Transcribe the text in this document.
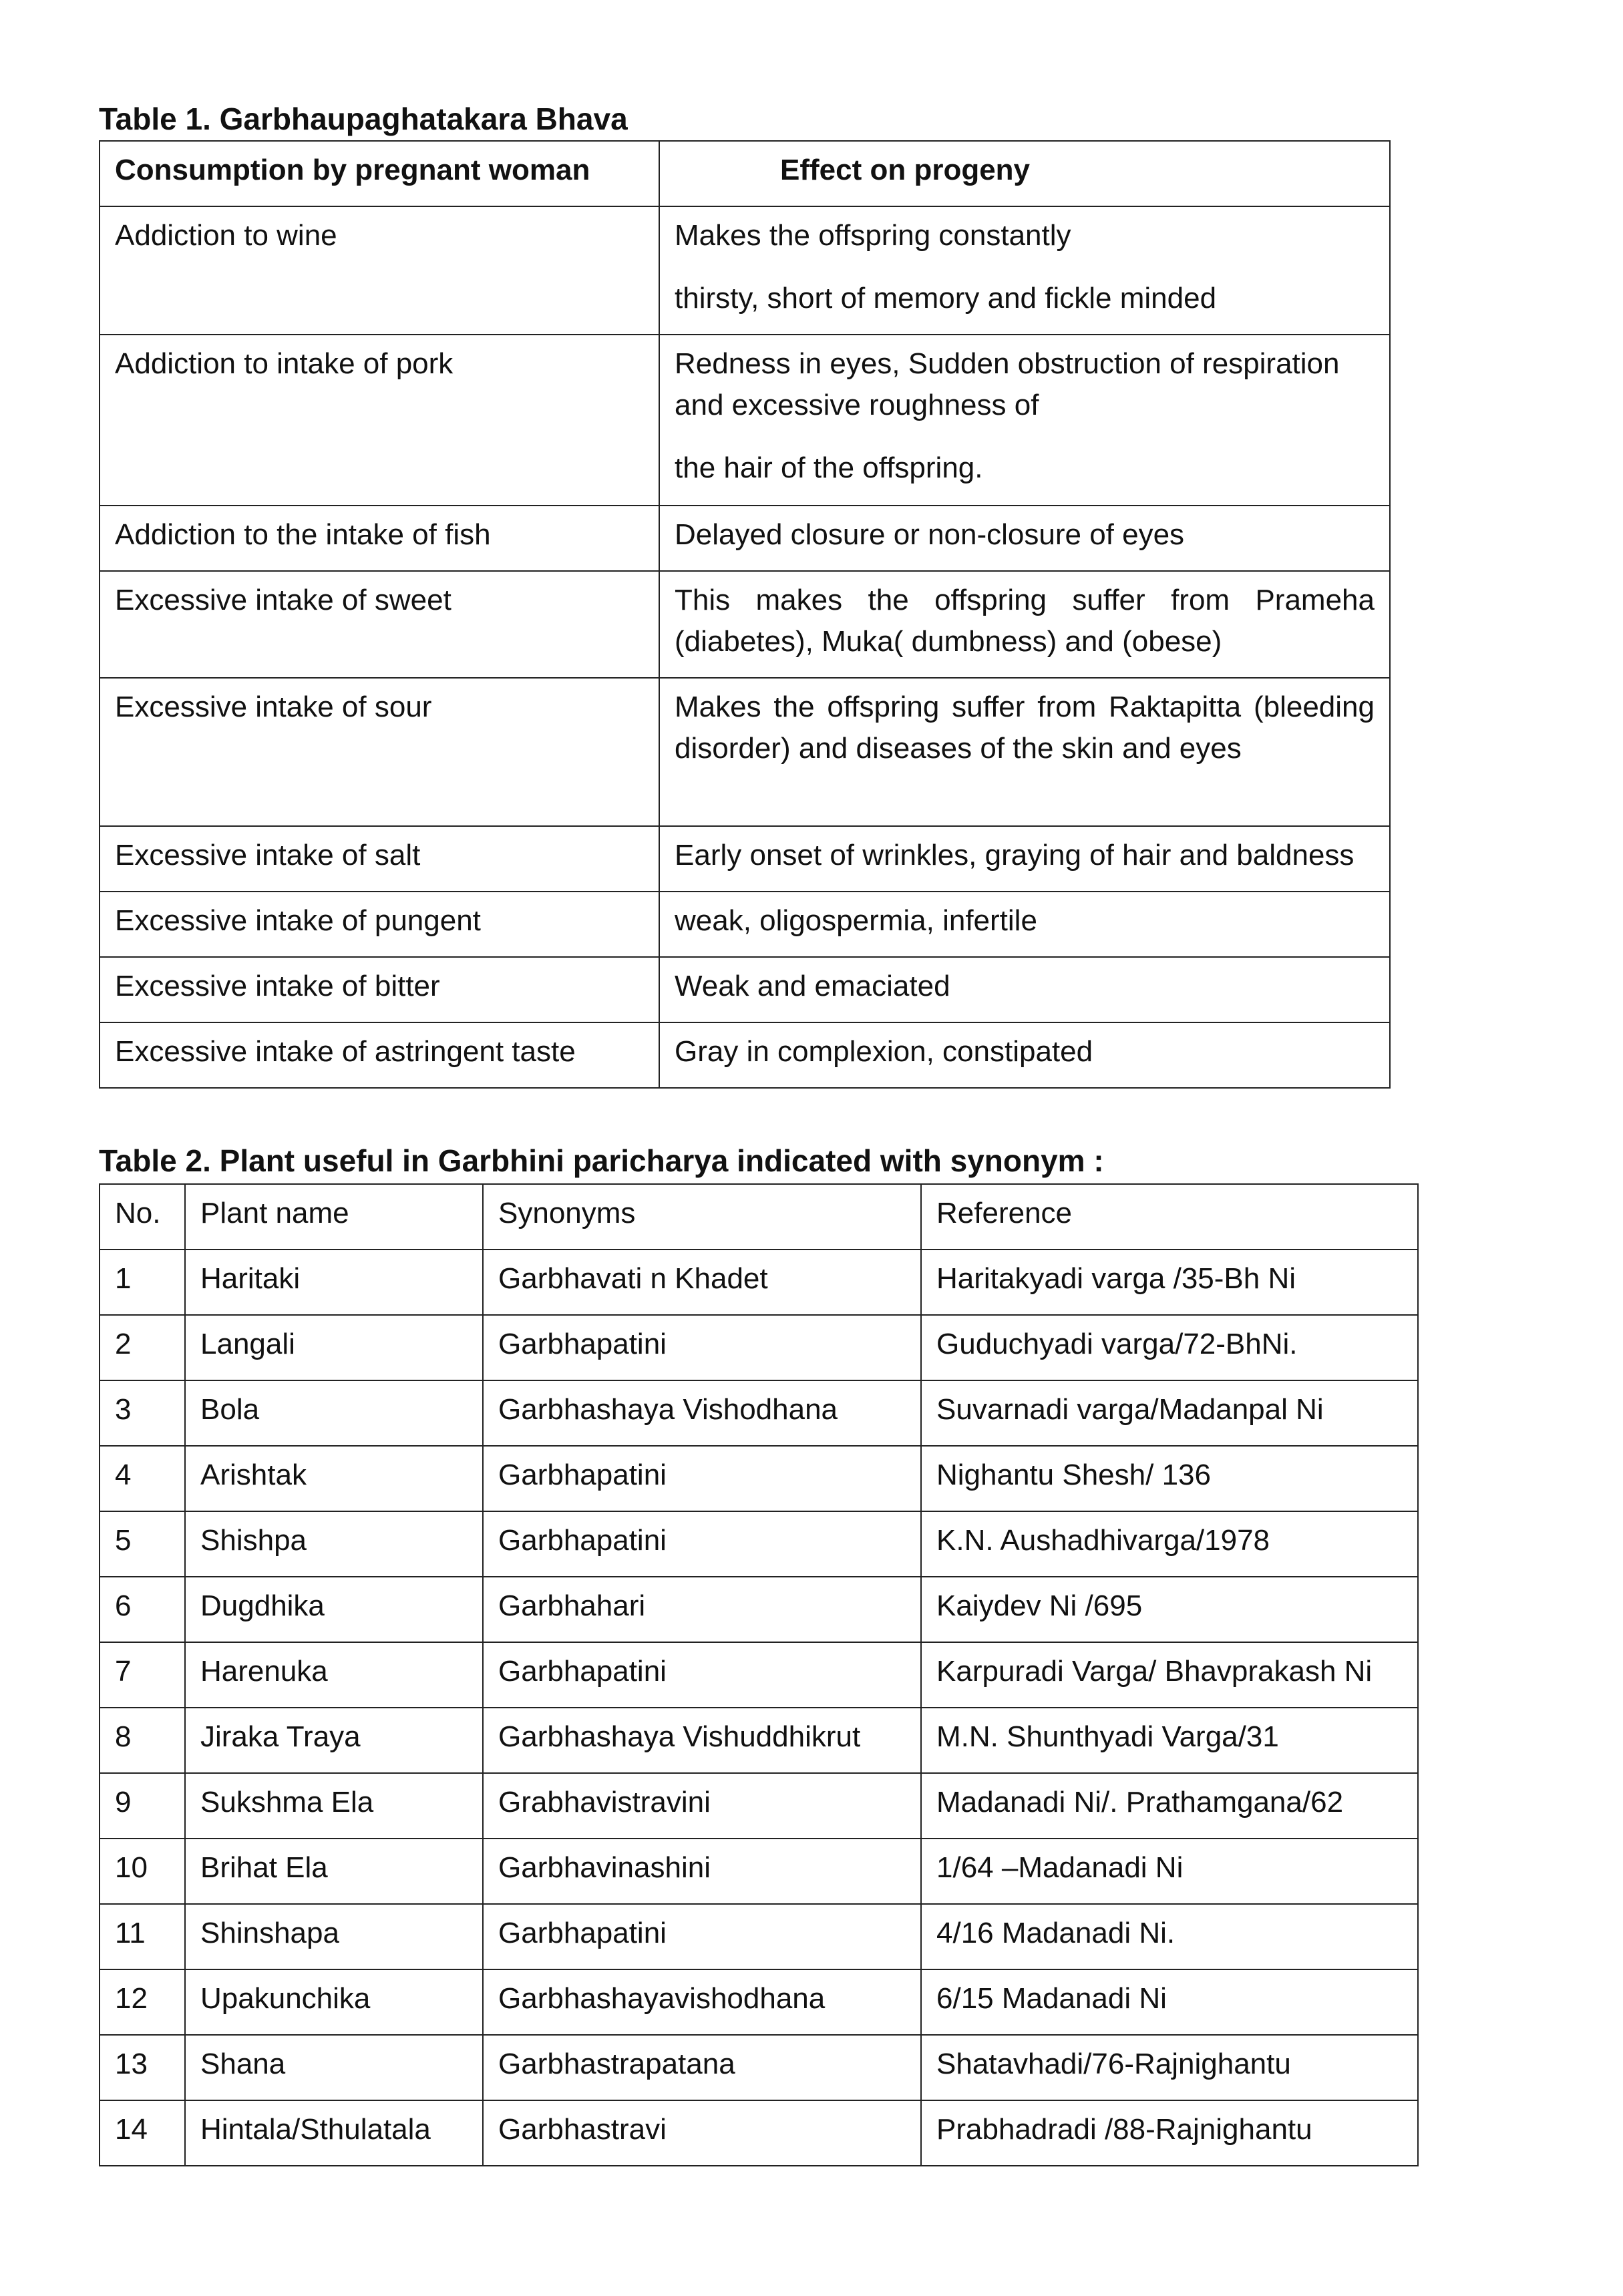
Table 1. Garbhaupaghatakara Bhava
Consumption by pregnant woman	Effect on progeny
Addiction to wine	Makes the offspring constantly

thirsty, short of memory and fickle minded

Addiction to intake of pork	Redness in eyes, Sudden obstruction of respiration and excessive roughness of

the hair of the offspring.

Addiction to the intake of fish	Delayed closure or non-closure of eyes
Excessive intake of sweet	This makes the offspring suffer from Prameha (diabetes), Muka( dumbness) and (obese)
Excessive intake of sour	Makes the offspring suffer from Raktapitta (bleeding disorder) and diseases of the skin and eyes
Excessive intake of salt	Early onset of wrinkles, graying of hair and baldness
Excessive intake of pungent	weak, oligospermia, infertile
Excessive intake of bitter	Weak and emaciated
Excessive intake of astringent taste	Gray in complexion, constipated
Table 2. Plant useful in Garbhini paricharya indicated with synonym :
No.	Plant name	Synonyms	Reference
1	Haritaki	Garbhavati n Khadet	Haritakyadi varga /35-Bh Ni
2	Langali	Garbhapatini	Guduchyadi varga/72-BhNi.
3	Bola	Garbhashaya Vishodhana	Suvarnadi varga/Madanpal Ni
4	Arishtak	Garbhapatini	Nighantu Shesh/ 136
5	Shishpa	Garbhapatini	K.N. Aushadhivarga/1978
6	Dugdhika	Garbhahari	Kaiydev Ni /695
7	Harenuka	Garbhapatini	Karpuradi Varga/ Bhavprakash Ni
8	Jiraka Traya	Garbhashaya Vishuddhikrut	M.N. Shunthyadi Varga/31
9	Sukshma Ela	Grabhavistravini	Madanadi Ni/. Prathamgana/62
10	Brihat Ela	Garbhavinashini	1/64 –Madanadi Ni
11	Shinshapa	Garbhapatini	4/16 Madanadi Ni.
12	Upakunchika	Garbhashayavishodhana	6/15 Madanadi Ni
13	Shana	Garbhastrapatana	Shatavhadi/76-Rajnighantu
14	Hintala/Sthulatala	Garbhastravi	Prabhadradi /88-Rajnighantu
